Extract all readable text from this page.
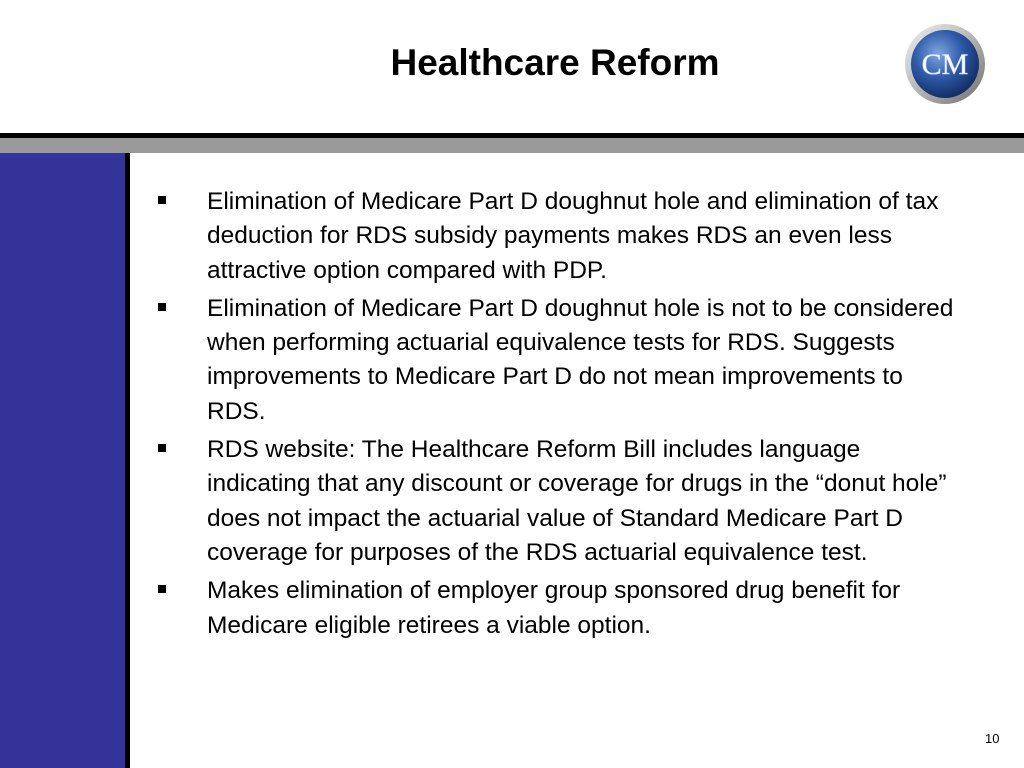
Healthcare Reform	CM
Elimination of Medicare Part D doughnut hole and elimination of tax deduction for RDS subsidy payments makes RDS an even less attractive option compared with PDP.
Elimination of Medicare Part D doughnut hole is not to be considered when performing actuarial equivalence tests for RDS. Suggests improvements to Medicare Part D do not mean improvements to RDS.
RDS website: The Healthcare Reform Bill includes language indicating that any discount or coverage for drugs in the “donut hole” does not impact the actuarial value of Standard Medicare Part D coverage for purposes of the RDS actuarial equivalence test.
Makes elimination of employer group sponsored drug benefit for Medicare eligible retirees a viable option.
10
